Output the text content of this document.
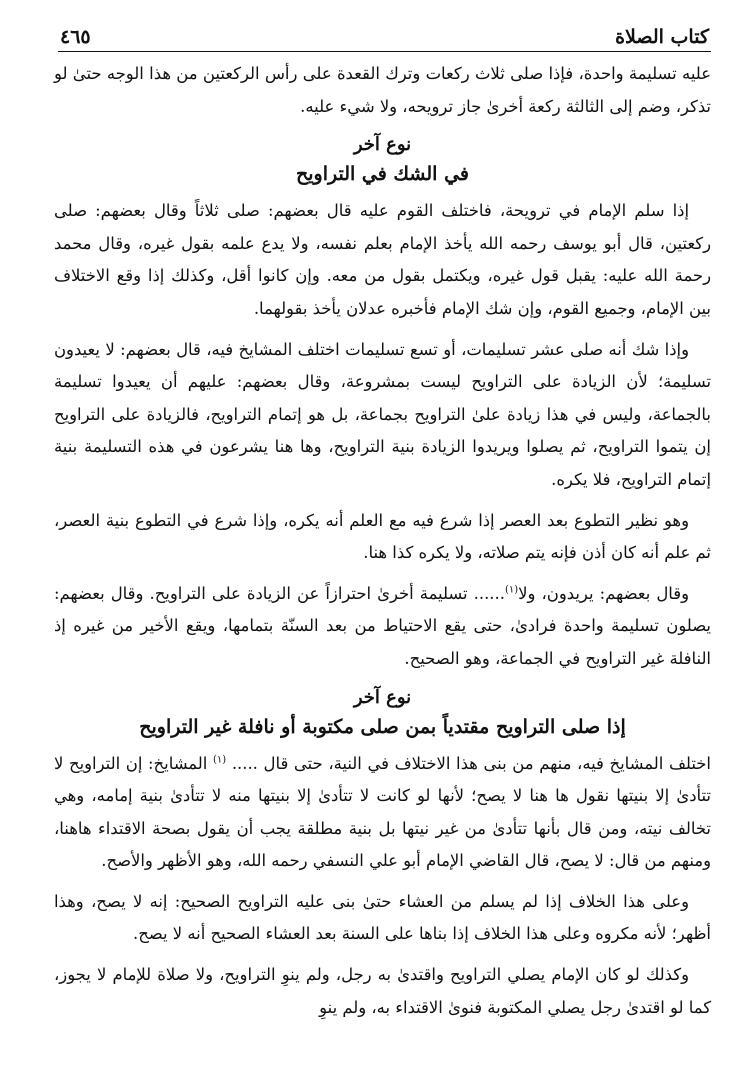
كتاب الصلاة
٤٦٥

عليه تسليمة واحدة، فإذا صلى ثلاث ركعات وترك القعدة على رأس الركعتين من هذا الوجه حتىٰ لو تذكر، وضم إلى الثالثة ركعة أخرىٰ جاز ترويحه، ولا شيء عليه.

نوع آخر
في الشك في التراويح

إذا سلم الإمام في ترويحة، فاختلف القوم عليه قال بعضهم: صلى ثلاثاً وقال بعضهم: صلى ركعتين، قال أبو يوسف رحمه الله يأخذ الإمام بعلم نفسه، ولا يدع علمه بقول غيره، وقال محمد رحمة الله عليه: يقبل قول غيره، ويكتمل بقول من معه. وإن كانوا أقل، وكذلك إذا وقع الاختلاف بين الإمام، وجميع القوم، وإن شك الإمام فأخبره عدلان يأخذ بقولهما.

وإذا شك أنه صلى عشر تسليمات، أو تسع تسليمات اختلف المشايخ فيه، قال بعضهم: لا يعيدون تسليمة؛ لأن الزيادة على التراويح ليست بمشروعة، وقال بعضهم: عليهم أن يعيدوا تسليمة بالجماعة، وليس في هذا زيادة علىٰ التراويح بجماعة، بل هو إتمام التراويح، فالزيادة على التراويح إن يتموا التراويح، ثم يصلوا ويريدوا الزيادة بنية التراويح، وها هنا يشرعون في هذه التسليمة بنية إتمام التراويح، فلا يكره.

وهو نظير التطوع بعد العصر إذا شرع فيه مع العلم أنه يكره، وإذا شرع في التطوع بنية العصر، ثم علم أنه كان أذن فإنه يتم صلاته، ولا يكره كذا هنا.

وقال بعضهم: يريدون، ولا$^{(١)}$...... تسليمة أخرىٰ احترازاً عن الزيادة على التراويح. وقال بعضهم: يصلون تسليمة واحدة فرادىٰ، حتى يقع الاحتياط من بعد السنّة بتمامها، ويقع الأخير من غيره إذ النافلة غير التراويح في الجماعة، وهو الصحيح.

نوع آخر
إذا صلى التراويح مقتدياً بمن صلى مكتوبة أو نافلة غير التراويح

اختلف المشايخ فيه، منهم من بنى هذا الاختلاف في النية، حتى قال ..... $^{(١)}$ المشايخ: إن التراويح لا تتأدىٰ إلا بنيتها نقول ها هنا لا يصح؛ لأنها لو كانت لا تتأدىٰ إلا بنيتها منه لا تتأدىٰ بنية إمامه، وهي تخالف نيته، ومن قال بأنها تتأدىٰ من غير نيتها بل بنية مطلقة يجب أن يقول بصحة الاقتداء هاهنا، ومنهم من قال: لا يصح، قال القاضي الإمام أبو علي النسفي رحمه الله، وهو الأظهر والأصح.

وعلى هذا الخلاف إذا لم يسلم من العشاء حتىٰ بنى عليه التراويح الصحيح: إنه لا يصح، وهذا أظهر؛ لأنه مكروه وعلى هذا الخلاف إذا بناها على السنة بعد العشاء الصحيح أنه لا يصح.

وكذلك لو كان الإمام يصلي التراويح واقتدىٰ به رجل، ولم ينوِ التراويح، ولا صلاة للإمام لا يجوز، كما لو اقتدىٰ رجل يصلي المكتوبة فنوىٰ الاقتداء به، ولم ينوِ
